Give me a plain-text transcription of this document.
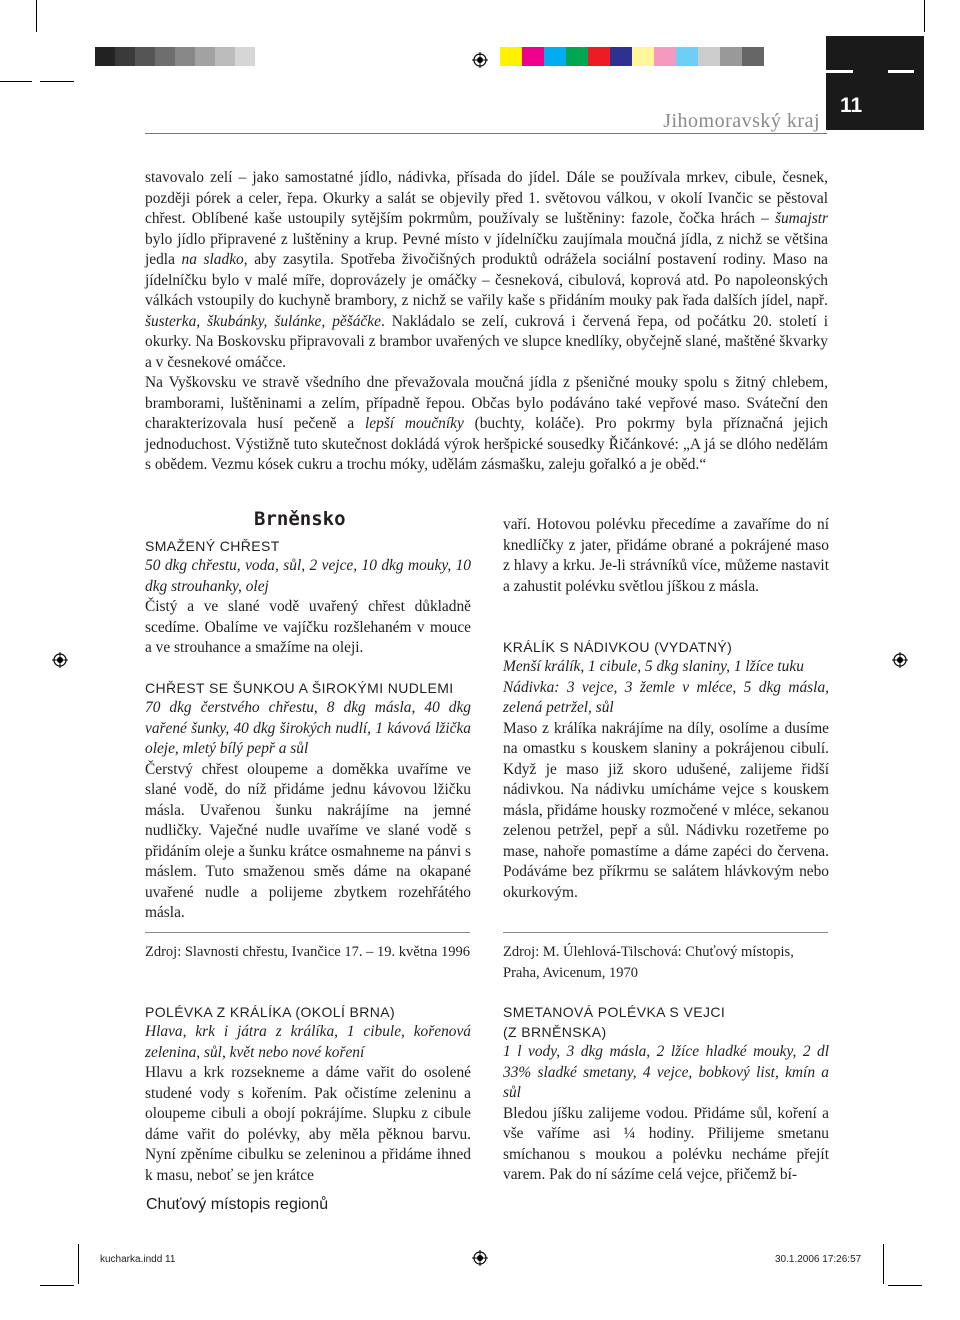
11
Jihomoravský kraj

stavovalo zelí – jako samostatné jídlo, nádivka, přísada do jídel. Dále se používala mrkev, cibule, česnek, později pórek a celer, řepa. Okurky a salát se objevily před 1. světovou válkou, v okolí Ivančic se pěstoval chřest. Oblíbené kaše ustoupily sytějším pokrmům, používaly se luštěniny: fazole, čočka hrách – šumajstr bylo jídlo připravené z luštěniny a krup. Pevné místo v jídelníčku zaujímala moučná jídla, z nichž se většina jedla na sladko, aby zasytila. Spotřeba živočišných produktů odrážela sociální postavení rodiny. Maso na jídelníčku bylo v malé míře, doprovázely je omáčky – česneková, cibulová, koprová atd. Po napoleonských válkách vstoupily do kuchyně brambory, z nichž se vařily kaše s přidáním mouky pak řada dalších jídel, např. šusterka, škubánky, šulánke, pěšáčke. Nakládalo se zelí, cukrová i červená řepa, od počátku 20. století i okurky. Na Boskovsku připravovali z brambor uvařených ve slupce knedlíky, obyčejně slané, maštěné škvarky a v česnekové omáčce.

Na Vyškovsku ve stravě všedního dne převažovala moučná jídla z pšeničné mouky spolu s žitný chlebem, bramborami, luštěninami a zelím, případně řepou. Občas bylo podáváno také vepřové maso. Sváteční den charakterizovala husí pečeně a lepší moučníky (buchty, koláče). Pro pokrmy byla příznačná jejich jednoduchost. Výstižně tuto skutečnost dokládá výrok heršpické sousedky Řičánkové: „A já se dlóho nedělám s obědem. Vezmu kósek cukru a trochu móky, udělám zásmašku, zaleju gořalkó a je oběd.“

Brněnsko
SMAŽENÝ CHŘEST

50 dkg chřestu, voda, sůl, 2 vejce, 10 dkg mouky, 10 dkg strouhanky, olej

Čistý a ve slané vodě uvařený chřest důkladně scedíme. Obalíme ve vajíčku rozšlehaném v mouce a ve strouhance a smažíme na oleji.

CHŘEST SE ŠUNKOU A ŠIROKÝMI NUDLEMI

70 dkg čerstvého chřestu, 8 dkg másla, 40 dkg vařené šunky, 40 dkg širokých nudlí, 1 kávová lžička oleje, mletý bílý pepř a sůl

Čerstvý chřest oloupeme a doměkka uvaříme ve slané vodě, do níž přidáme jednu kávovou lžičku másla. Uvařenou šunku nakrájíme na jemné nudličky. Vaječné nudle uvaříme ve slané vodě s přidáním oleje a šunku krátce osmahneme na pánvi s máslem. Tuto smaženou směs dáme na okapané uvařené nudle a polijeme zbytkem rozehřátého másla.

Zdroj: Slavnosti chřestu, Ivančice 17. – 19. května 1996
POLÉVKA Z KRÁLÍKA (OKOLÍ BRNA)

Hlava, krk i játra z králíka, 1 cibule, kořenová zelenina, sůl, květ nebo nové koření

Hlavu a krk rozsekneme a dáme vařit do osolené studené vody s kořením. Pak očistíme zeleninu a oloupeme cibuli a obojí pokrájíme. Slupku z cibule dáme vařit do polévky, aby měla pěknou barvu. Nyní zpěníme cibulku se zeleninou a přidáme ihned k masu, neboť se jen krátce

vaří. Hotovou polévku přecedíme a zavaříme do ní knedlíčky z jater, přidáme obrané a pokrájené maso z hlavy a krku. Je-li strávníků více, můžeme nastavit a zahustit polévku světlou jíškou z másla.

KRÁLÍK S NÁDIVKOU (VYDATNÝ)

Menší králík, 1 cibule, 5 dkg slaniny, 1 lžíce tuku

Nádivka: 3 vejce, 3 žemle v mléce, 5 dkg másla, zelená petržel, sůl

Maso z králíka nakrájíme na díly, osolíme a dusíme na omastku s kouskem slaniny a pokrájenou cibulí. Když je maso již skoro udušené, zalijeme řidší nádivkou. Na nádivku umícháme vejce s kouskem másla, přidáme housky rozmočené v mléce, sekanou zelenou petržel, pepř a sůl. Nádivku rozetřeme po mase, nahoře pomastíme a dáme zapéci do červena. Podáváme bez příkrmu se salátem hlávkovým nebo okurkovým.

Zdroj: M. Úlehlová-Tilschová: Chuťový místopis, Praha, Avicenum, 1970
SMETANOVÁ POLÉVKA S VEJCI
(Z BRNĚNSKA)

1 l vody, 3 dkg másla, 2 lžíce hladké mouky, 2 dl 33% sladké smetany, 4 vejce, bobkový list, kmín a sůl

Bledou jíšku zalijeme vodou. Přidáme sůl, koření a vše vaříme asi ¼ hodiny. Přilijeme smetanu smíchanou s moukou a polévku necháme přejít varem. Pak do ní sázíme celá vejce, přičemž bí-

Chuťový místopis regionů
kucharka.indd 11	30.1.2006 17:26:57
